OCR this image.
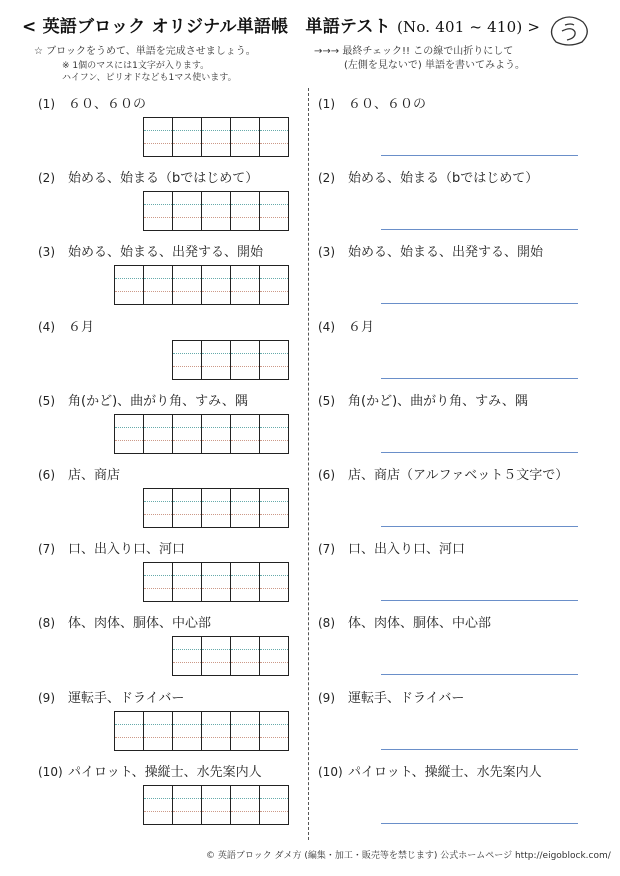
< 英語ブロック オリジナル単語帳　単語テスト (No. 401 ~ 410) >
☆ ブロックをうめて、単語を完成させましょう。
※ 1個のマスには1文字が入ります。
ハイフン、ピリオドなども1マス使います。
→→→ 最終チェック!! この線で山折りにして
(左側を見ないで) 単語を書いてみよう。
(1) ６０、６０の	(1) ６０、６０の

(2) 始める、始まる（bではじめて）	(2) 始める、始まる（bではじめて）

(3) 始める、始まる、出発する、開始	(3) 始める、始まる、出発する、開始

(4) ６月	(4) ６月

(5) 角(かど)、曲がり角、すみ、隅	(5) 角(かど)、曲がり角、すみ、隅

(6) 店、商店	(6) 店、商店（アルファベット５文字で）

(7) 口、出入り口、河口	(7) 口、出入り口、河口

(8) 体、肉体、胴体、中心部	(8) 体、肉体、胴体、中心部

(9) 運転手、ドライバー	(9) 運転手、ドライバー

(10) パイロット、操縦士、水先案内人	(10) パイロット、操縦士、水先案内人

© 英語ブロック ダメ方 (編集・加工・販売等を禁じます) 公式ホームページ http://eigoblock.com/
